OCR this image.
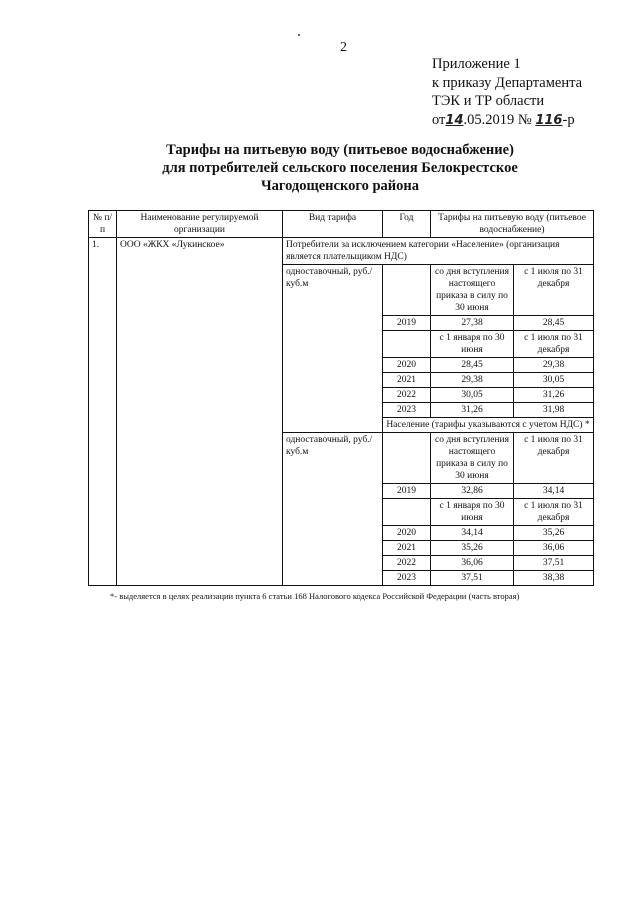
2
Приложение 1
к приказу Департамента
ТЭК и ТР области
от14.05.2019 № 116-р
Тарифы на питьевую воду (питьевое водоснабжение)
для потребителей сельского поселения Белокрестское
Чагодощенского района
№ п/п	Наименование регулируемой организации	Вид тарифа	Год	Тарифы на питьевую воду (питьевое водоснабжение)	
1.	ООО «ЖКХ «Лукинское»	Потребители за исключением категории «Население» (организация является плательщиком НДС)			
		одноставочный, руб./куб.м		со дня вступления настоящего приказа в силу по 30 июня	с 1 июля по 31 декабря
			2019	27,38	28,45
				с 1 января по 30 июня	с 1 июля по 31 декабря
			2020	28,45	29,38
			2021	29,38	30,05
			2022	30,05	31,26
			2023	31,26	31,98
			Население (тарифы указываются с учетом НДС) *		
		одноставочный, руб./куб.м		со дня вступления настоящего приказа в силу по 30 июня	с 1 июля по 31 декабря
			2019	32,86	34,14
				с 1 января по 30 июня	с 1 июля по 31 декабря
			2020	34,14	35,26
			2021	35,26	36,06
			2022	36,06	37,51
			2023	37,51	38,38
*- выделяется в целях реализации пункта 6 статьи 168 Налогового кодекса Российской Федерации (часть вторая)
